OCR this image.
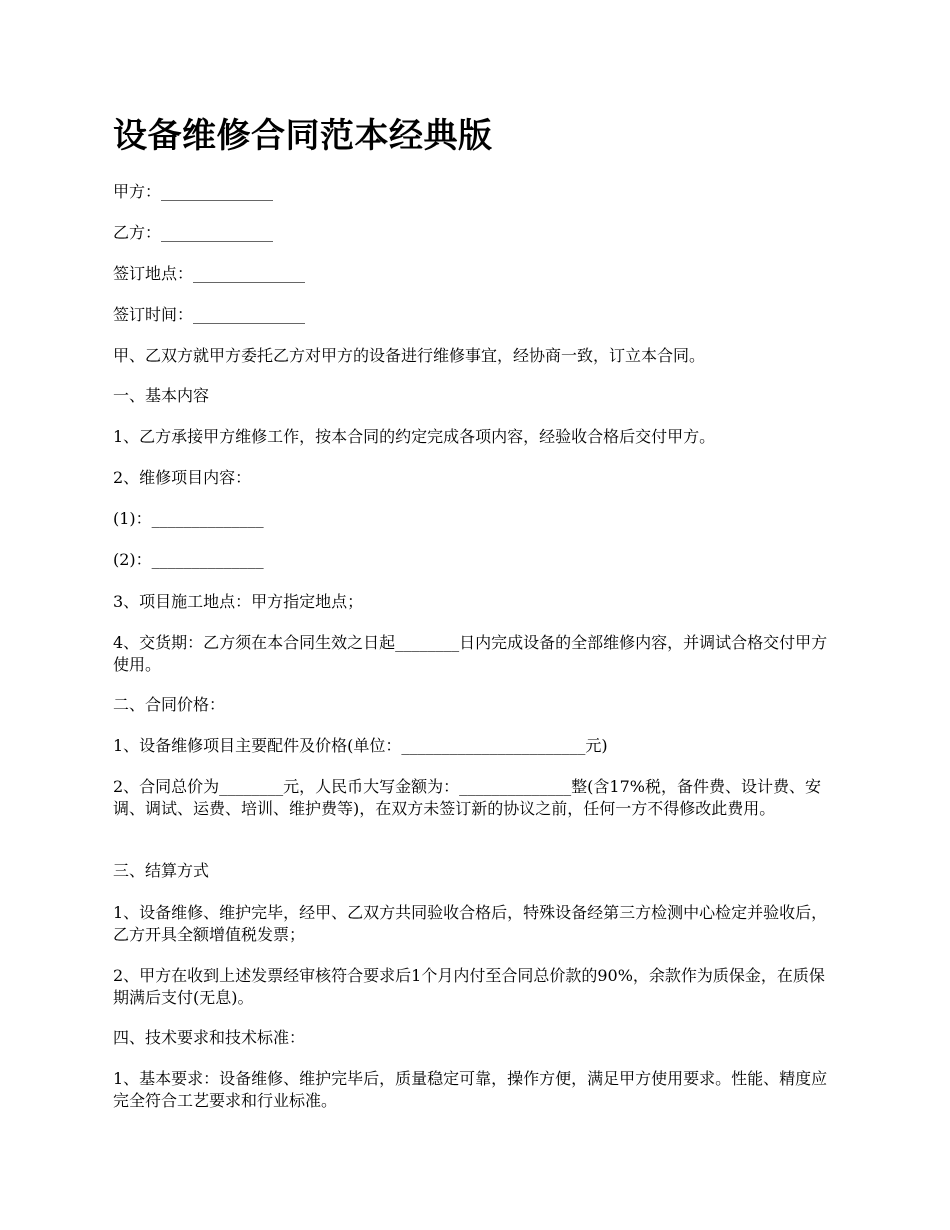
设备维修合同范本经典版

甲方：______________

乙方：______________

签订地点：______________

签订时间：______________

甲、乙双方就甲方委托乙方对甲方的设备进行维修事宜，经协商一致，订立本合同。

一、基本内容

1、乙方承接甲方维修工作，按本合同的约定完成各项内容，经验收合格后交付甲方。

2、维修项目内容：

(1)：______________

(2)：______________

3、项目施工地点：甲方指定地点；

4、交货期：乙方须在本合同生效之日起________日内完成设备的全部维修内容，并调试合格交付甲方使用。

二、合同价格：

1、设备维修项目主要配件及价格(单位：_______________________元)

2、合同总价为________元，人民币大写金额为：______________整(含17%税，备件费、设计费、安调、调试、运费、培训、维护费等)，在双方未签订新的协议之前，任何一方不得修改此费用。

三、结算方式

1、设备维修、维护完毕，经甲、乙双方共同验收合格后，特殊设备经第三方检测中心检定并验收后，乙方开具全额增值税发票；

2、甲方在收到上述发票经审核符合要求后1个月内付至合同总价款的90%，余款作为质保金，在质保期满后支付(无息)。

四、技术要求和技术标准：

1、基本要求：设备维修、维护完毕后，质量稳定可靠，操作方便，满足甲方使用要求。性能、精度应完全符合工艺要求和行业标准。
